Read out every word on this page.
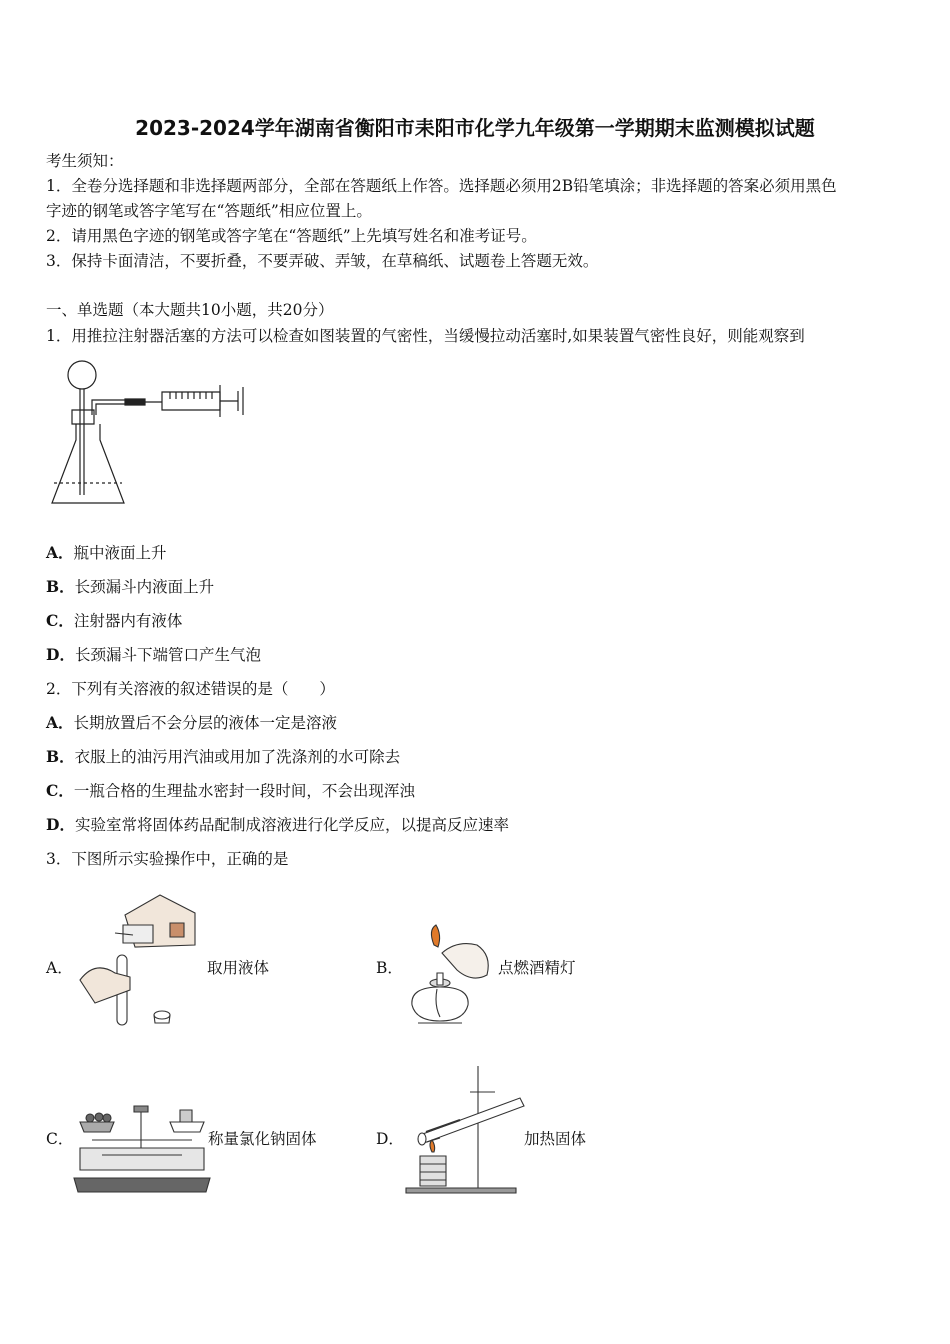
2023-2024学年湖南省衡阳市耒阳市化学九年级第一学期期末监测模拟试题
考生须知：
1．全卷分选择题和非选择题两部分，全部在答题纸上作答。选择题必须用2B铅笔填涂；非选择题的答案必须用黑色
字迹的钢笔或答字笔写在“答题纸”相应位置上。
2．请用黑色字迹的钢笔或答字笔在“答题纸”上先填写姓名和准考证号。
3．保持卡面清洁，不要折叠，不要弄破、弄皱，在草稿纸、试题卷上答题无效。
一、单选题（本大题共10小题，共20分）
1．用推拉注射器活塞的方法可以检查如图装置的气密性，当缓慢拉动活塞时,如果装置气密性良好，则能观察到
A．瓶中液面上升
B．长颈漏斗内液面上升
C．注射器内有液体
D．长颈漏斗下端管口产生气泡
2．下列有关溶液的叙述错误的是（　　）
A．长期放置后不会分层的液体一定是溶液
B．衣服上的油污用汽油或用加了洗涤剂的水可除去
C．一瓶合格的生理盐水密封一段时间，不会出现浑浊
D．实验室常将固体药品配制成溶液进行化学反应，以提高反应速率
3．下图所示实验操作中，正确的是
A．	取用液体	B．	点燃酒精灯
C．	称量氯化钠固体	D．	加热固体
